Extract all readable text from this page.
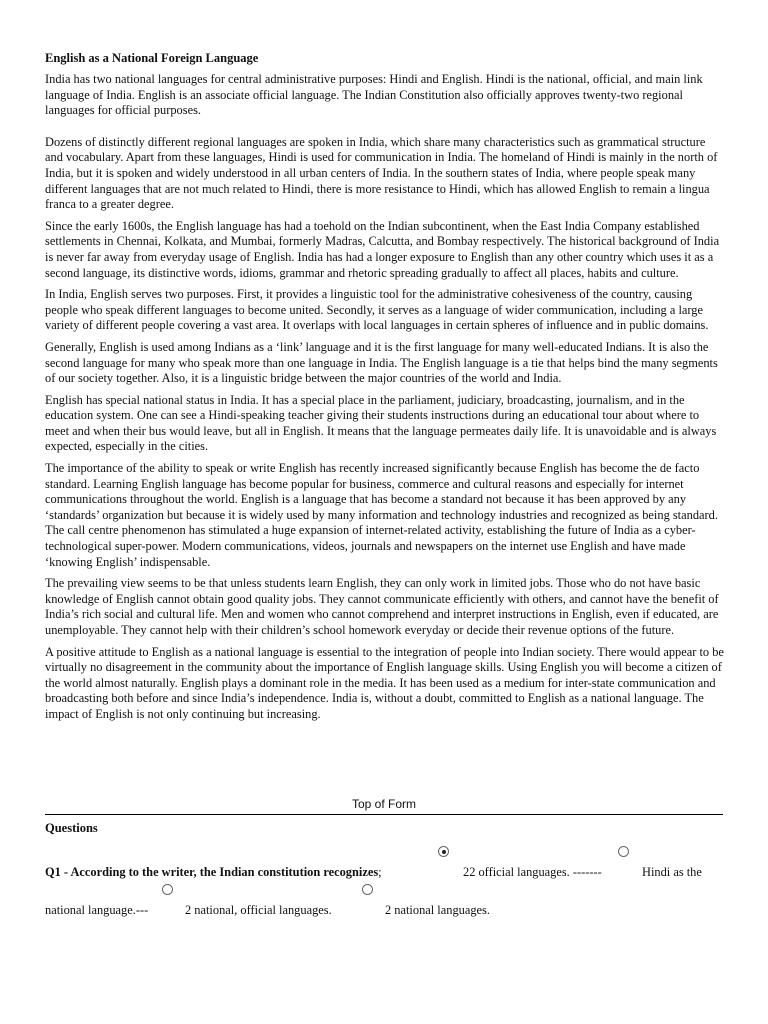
English as a National Foreign Language

India has two national languages for central administrative purposes: Hindi and English. Hindi is the national, official, and main link language of India. English is an associate official language. The Indian Constitution also officially approves twenty-two regional languages for official purposes.

Dozens of distinctly different regional languages are spoken in India, which share many characteristics such as grammatical structure and vocabulary. Apart from these languages, Hindi is used for communication in India. The homeland of Hindi is mainly in the north of India, but it is spoken and widely understood in all urban centers of India. In the southern states of India, where people speak many different languages that are not much related to Hindi, there is more resistance to Hindi, which has allowed English to remain a lingua franca to a greater degree.

Since the early 1600s, the English language has had a toehold on the Indian subcontinent, when the East India Company established settlements in Chennai, Kolkata, and Mumbai, formerly Madras, Calcutta, and Bombay respectively. The historical background of India is never far away from everyday usage of English. India has had a longer exposure to English than any other country which uses it as a second language, its distinctive words, idioms, grammar and rhetoric spreading gradually to affect all places, habits and culture.

In India, English serves two purposes. First, it provides a linguistic tool for the administrative cohesiveness of the country, causing people who speak different languages to become united. Secondly, it serves as a language of wider communication, including a large variety of different people covering a vast area. It overlaps with local languages in certain spheres of influence and in public domains.

Generally, English is used among Indians as a ‘link’ language and it is the first language for many well-educated Indians. It is also the second language for many who speak more than one language in India. The English language is a tie that helps bind the many segments of our society together. Also, it is a linguistic bridge between the major countries of the world and India.

English has special national status in India. It has a special place in the parliament, judiciary, broadcasting, journalism, and in the education system. One can see a Hindi-speaking teacher giving their students instructions during an educational tour about where to meet and when their bus would leave, but all in English. It means that the language permeates daily life. It is unavoidable and is always expected, especially in the cities.

The importance of the ability to speak or write English has recently increased significantly because English has become the de facto standard. Learning English language has become popular for business, commerce and cultural reasons and especially for internet communications throughout the world. English is a language that has become a standard not because it has been approved by any ‘standards’ organization but because it is widely used by many information and technology industries and recognized as being standard. The call centre phenomenon has stimulated a huge expansion of internet-related activity, establishing the future of India as a cyber-technological super-power. Modern communications, videos, journals and newspapers on the internet use English and have made ‘knowing English’ indispensable.

The prevailing view seems to be that unless students learn English, they can only work in limited jobs. Those who do not have basic knowledge of English cannot obtain good quality jobs. They cannot communicate efficiently with others, and cannot have the benefit of India’s rich social and cultural life. Men and women who cannot comprehend and interpret instructions in English, even if educated, are unemployable. They cannot help with their children’s school homework everyday or decide their revenue options of the future.

A positive attitude to English as a national language is essential to the integration of people into Indian society. There would appear to be virtually no disagreement in the community about the importance of English language skills. Using English you will become a citizen of the world almost naturally. English plays a dominant role in the media. It has been used as a medium for inter-state communication and broadcasting both before and since India’s independence. India is, without a doubt, committed to English as a national language. The impact of English is not only continuing but increasing.

Top of Form
Questions
Q1 - According to the writer, the Indian constitution recognizes;	22 official languages. -------	Hindi as the
national language.---	2 national, official languages.	2 national languages.
